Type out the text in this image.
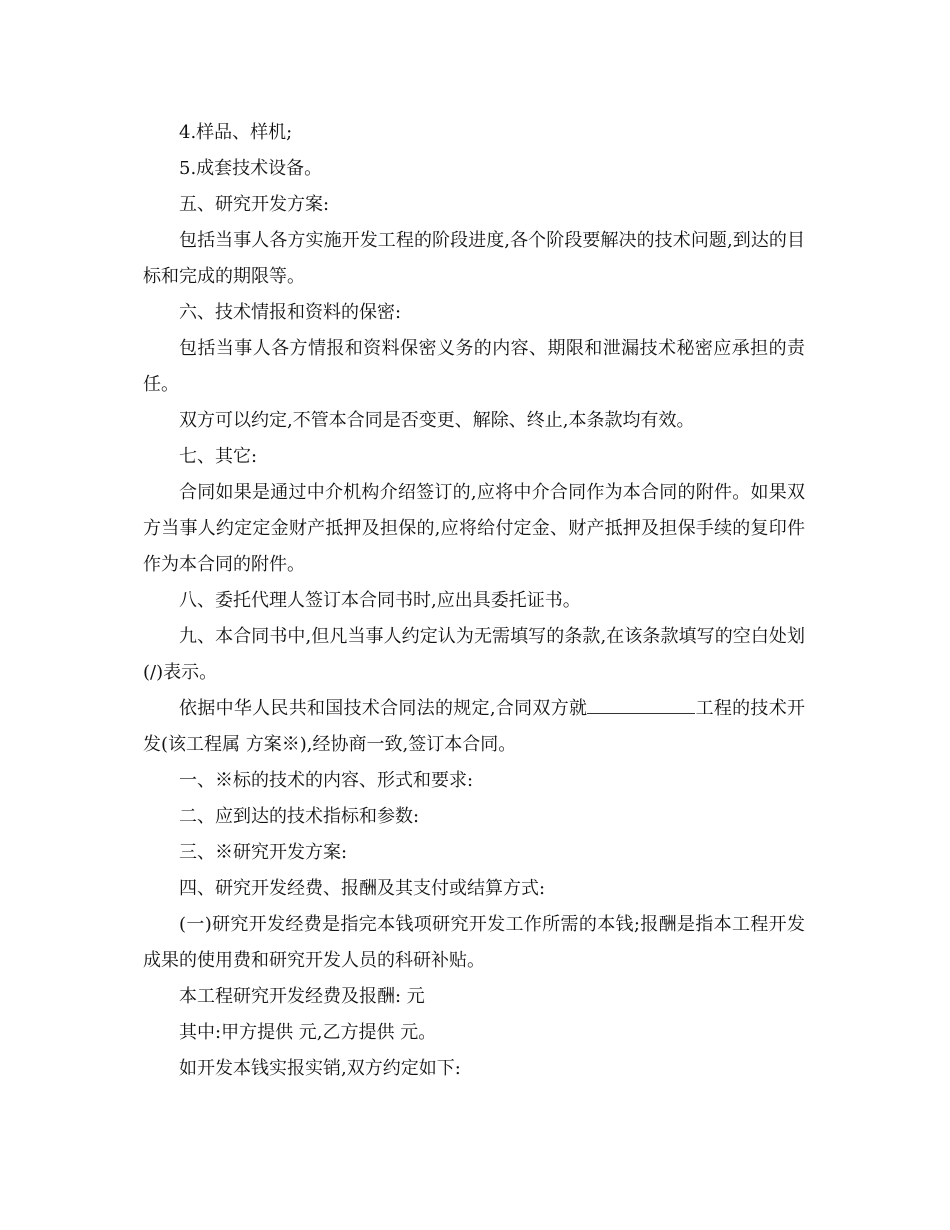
4.样品、样机;

5.成套技术设备。

五、研究开发方案:

包括当事人各方实施开发工程的阶段进度,各个阶段要解决的技术问题,到达的目标和完成的期限等。

六、技术情报和资料的保密:

包括当事人各方情报和资料保密义务的内容、期限和泄漏技术秘密应承担的责任。

双方可以约定,不管本合同是否变更、解除、终止,本条款均有效。

七、其它:

合同如果是通过中介机构介绍签订的,应将中介合同作为本合同的附件。如果双方当事人约定定金财产抵押及担保的,应将给付定金、财产抵押及担保手续的复印件作为本合同的附件。

八、委托代理人签订本合同书时,应出具委托证书。

九、本合同书中,但凡当事人约定认为无需填写的条款,在该条款填写的空白处划(/)表示。

依据中华人民共和国技术合同法的规定,合同双方就	工程的技术开发(该工程属 方案※),经协商一致,签订本合同。

一、※标的技术的内容、形式和要求:

二、应到达的技术指标和参数:

三、※研究开发方案:

四、研究开发经费、报酬及其支付或结算方式:

(一)研究开发经费是指完本钱项研究开发工作所需的本钱;报酬是指本工程开发成果的使用费和研究开发人员的科研补贴。

本工程研究开发经费及报酬: 元

其中:甲方提供 元,乙方提供 元。

如开发本钱实报实销,双方约定如下:
